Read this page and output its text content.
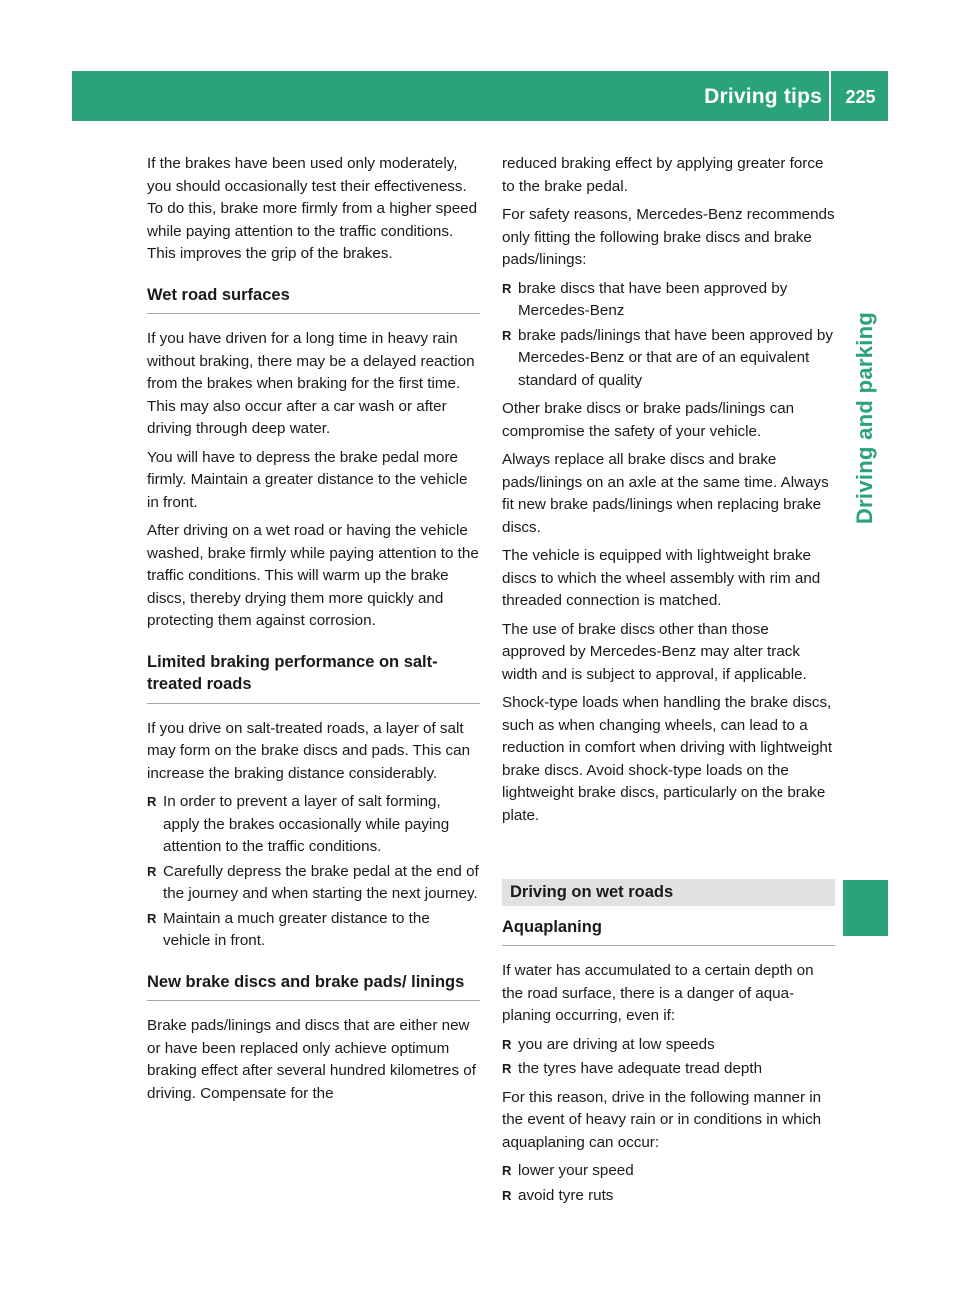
Driving tips	225
Driving and parking

If the brakes have been used only moderately, you should occasionally test their effectiveness. To do this, brake more firmly from a higher speed while paying attention to the traffic conditions. This improves the grip of the brakes.

Wet road surfaces

If you have driven for a long time in heavy rain without braking, there may be a delayed reaction from the brakes when braking for the first time. This may also occur after a car wash or after driving through deep water.

You will have to depress the brake pedal more firmly. Maintain a greater distance to the vehicle in front.

After driving on a wet road or having the vehicle washed, brake firmly while paying attention to the traffic conditions. This will warm up the brake discs, thereby drying them more quickly and protecting them against corrosion.

Limited braking performance on salt-treated roads

If you drive on salt-treated roads, a layer of salt may form on the brake discs and pads. This can increase the braking distance considerably.

R In order to prevent a layer of salt forming, apply the brakes occasionally while paying attention to the traffic conditions.
R Carefully depress the brake pedal at the end of the journey and when starting the next journey.
R Maintain a much greater distance to the vehicle in front.
New brake discs and brake pads/ linings

Brake pads/linings and discs that are either new or have been replaced only achieve optimum braking effect after several hundred kilometres of driving. Compensate for the

reduced braking effect by applying greater force to the brake pedal.

For safety reasons, Mercedes-Benz recommends only fitting the following brake discs and brake pads/linings:

R brake discs that have been approved by Mercedes-Benz
R brake pads/linings that have been approved by Mercedes-Benz or that are of an equivalent standard of quality

Other brake discs or brake pads/linings can compromise the safety of your vehicle.

Always replace all brake discs and brake pads/linings on an axle at the same time. Always fit new brake pads/linings when replacing brake discs.

The vehicle is equipped with lightweight brake discs to which the wheel assembly with rim and threaded connection is matched.

The use of brake discs other than those approved by Mercedes-Benz may alter track width and is subject to approval, if applicable.

Shock-type loads when handling the brake discs, such as when changing wheels, can lead to a reduction in comfort when driving with lightweight brake discs. Avoid shock-type loads on the lightweight brake discs, particularly on the brake plate.

Driving on wet roads
Aquaplaning

If water has accumulated to a certain depth on the road surface, there is a danger of aquaplaning occurring, even if:

R you are driving at low speeds
R the tyres have adequate tread depth

For this reason, drive in the following manner in the event of heavy rain or in conditions in which aquaplaning can occur:

R lower your speed
R avoid tyre ruts
